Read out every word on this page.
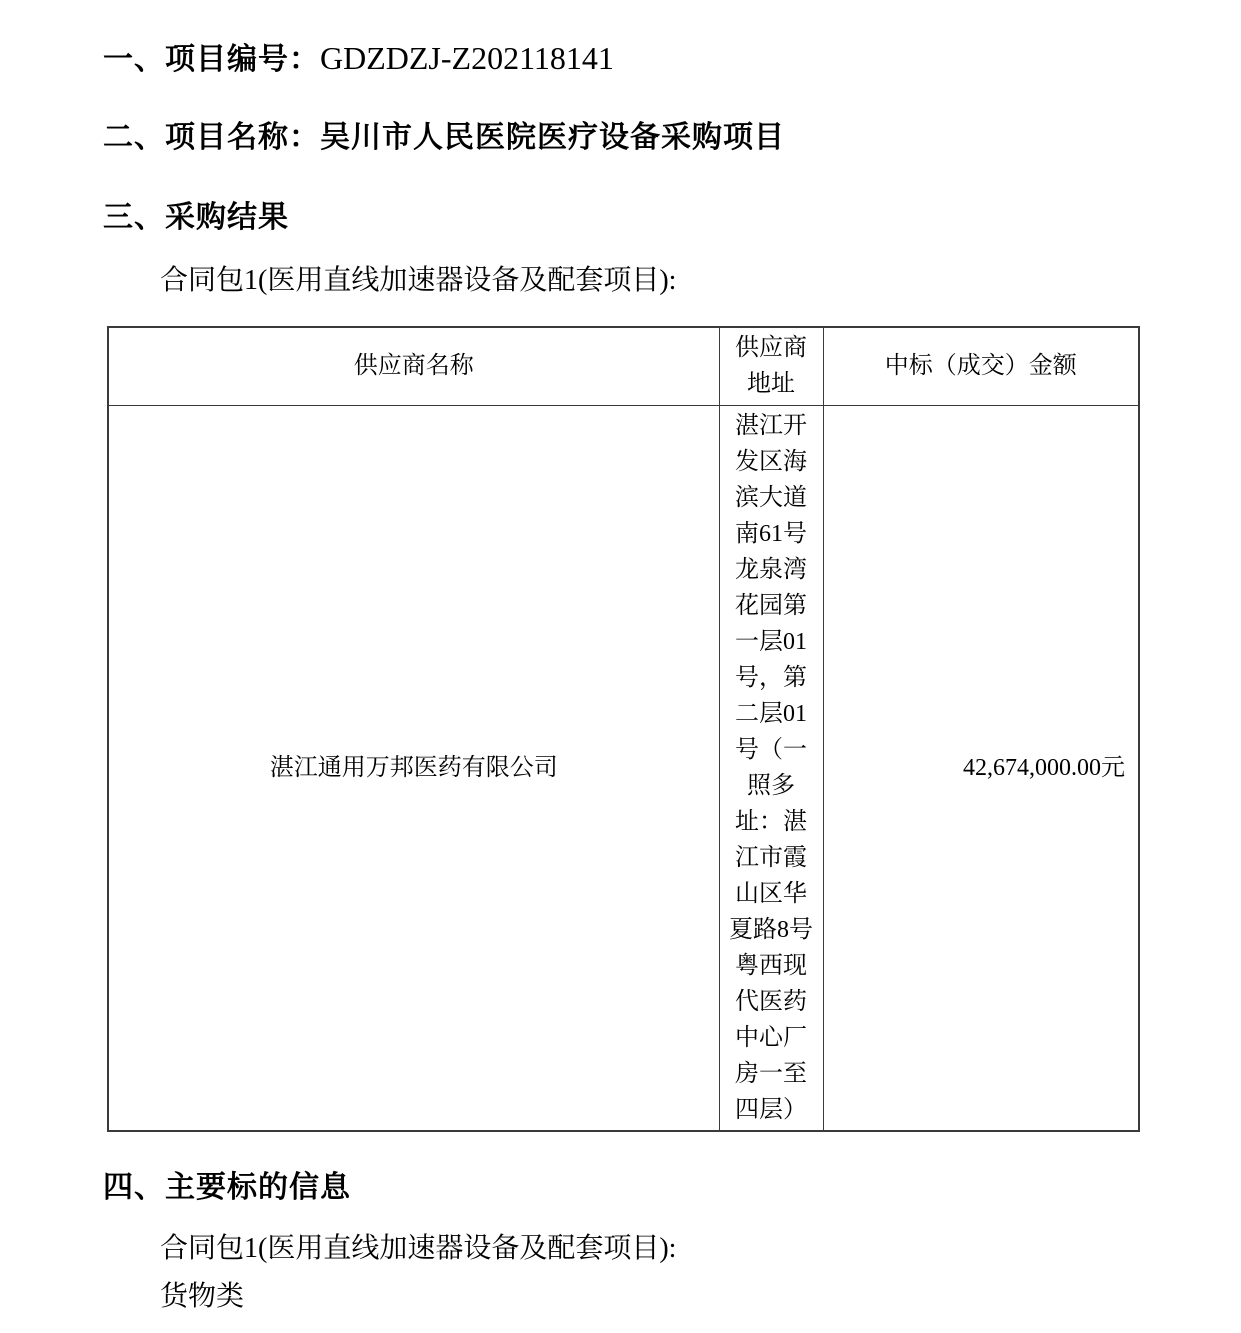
一、项目编号：GDZDZJ-Z202118141
二、项目名称：吴川市人民医院医疗设备采购项目
三、采购结果
合同包1(医用直线加速器设备及配套项目):
供应商名称	供应商地址	中标（成交）金额
湛江通用万邦医药有限公司	湛江开发区海滨大道南61号龙泉湾花园第一层01号，第二层01号（一照多址：湛江市霞山区华夏路8号粤西现代医药中心厂房一至四层）	42,674,000.00元
四、主要标的信息
合同包1(医用直线加速器设备及配套项目):
货物类
